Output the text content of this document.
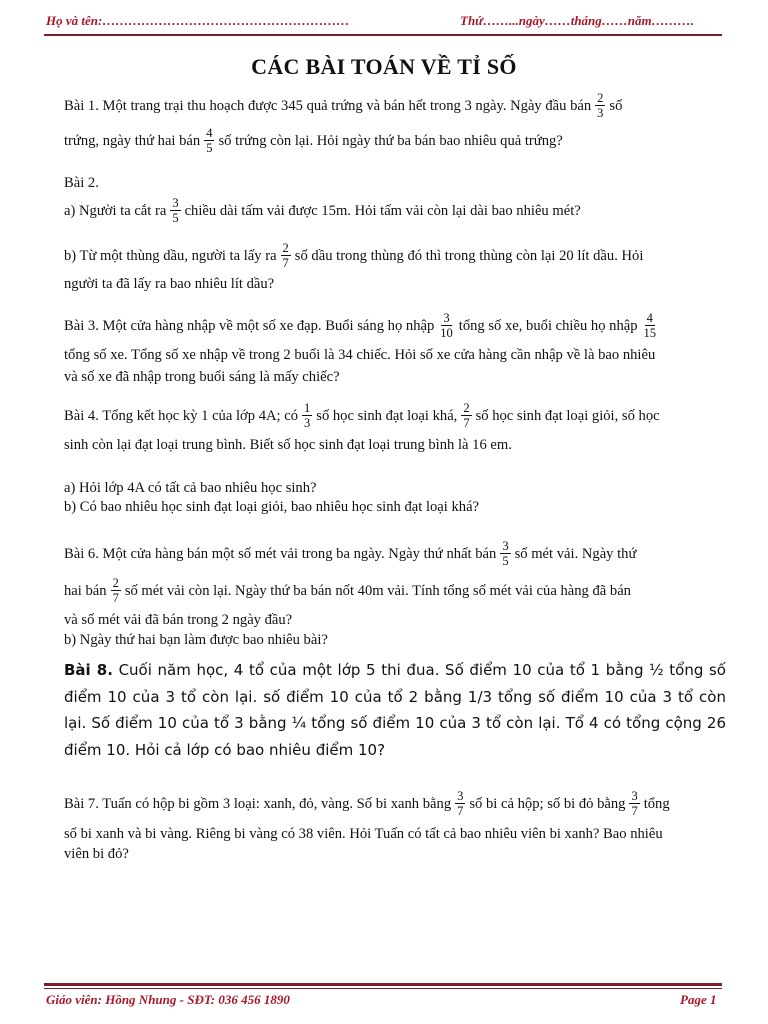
Họ và tên:…………………………………………………	Thứ……...ngày……tháng……năm……….
CÁC BÀI TOÁN VỀ TỈ SỐ
Bài 1. Một trang trại thu hoạch được 345 quả trứng và bán hết trong 3 ngày. Ngày đầu bán $\frac{2}{3}$ số
trứng, ngày thứ hai bán $\frac{4}{5}$ số trứng còn lại. Hỏi ngày thứ ba bán bao nhiêu quả trứng?
Bài 2.
a) Người ta cắt ra $\frac{3}{5}$ chiều dài tấm vải được 15m. Hỏi tấm vải còn lại dài bao nhiêu mét?
b) Từ một thùng dầu, người ta lấy ra $\frac{2}{7}$ số dầu trong thùng đó thì trong thùng còn lại 20 lít dầu. Hỏi
người ta đã lấy ra bao nhiêu lít dầu?
Bài 3. Một cửa hàng nhập về một số xe đạp. Buổi sáng họ nhập $\frac{3}{10}$ tổng số xe, buổi chiều họ nhập $\frac{4}{15}$
tổng số xe. Tổng số xe nhập về trong 2 buổi là 34 chiếc. Hỏi số xe cửa hàng cần nhập về là bao nhiêu
và số xe đã nhập trong buổi sáng là mấy chiếc?
Bài 4. Tổng kết học kỳ 1 của lớp 4A; có $\frac{1}{3}$ số học sinh đạt loại khá, $\frac{2}{7}$ số học sinh đạt loại giỏi, số học
sinh còn lại đạt loại trung bình. Biết số học sinh đạt loại trung bình là 16 em.
a) Hỏi lớp 4A có tất cả bao nhiêu học sinh?
b) Có bao nhiêu học sinh đạt loại giỏi, bao nhiêu học sinh đạt loại khá?
Bài 6. Một cửa hàng bán một số mét vải trong ba ngày. Ngày thứ nhất bán $\frac{3}{5}$ số mét vải. Ngày thứ
hai bán $\frac{2}{7}$ số mét vải còn lại. Ngày thứ ba bán nốt 40m vải. Tính tổng số mét vải của hàng đã bán
và số mét vải đã bán trong 2 ngày đầu?
b) Ngày thứ hai bạn làm được bao nhiêu bài?
Bài 8. Cuối năm học, 4 tổ của một lớp 5 thi đua. Số điểm 10 của tổ 1 bằng ½ tổng số điểm 10 của 3 tổ còn lại. số điểm 10 của tổ 2 bằng 1/3 tổng số điểm 10 của 3 tổ còn lại. Số điểm 10 của tổ 3 bằng ¼ tổng số điểm 10 của 3 tổ còn lại. Tổ 4 có tổng cộng 26 điểm 10. Hỏi cả lớp có bao nhiêu điểm 10?
Bài 7. Tuấn có hộp bi gồm 3 loại: xanh, đỏ, vàng. Số bi xanh bằng $\frac{3}{7}$ số bi cả hộp; số bi đỏ bằng $\frac{3}{7}$ tổng
số bi xanh và bi vàng. Riêng bi vàng có 38 viên. Hỏi Tuấn có tất cả bao nhiêu viên bi xanh? Bao nhiêu
viên bi đỏ?
Giáo viên: Hồng Nhung - SĐT: 036 456 1890	Page 1
